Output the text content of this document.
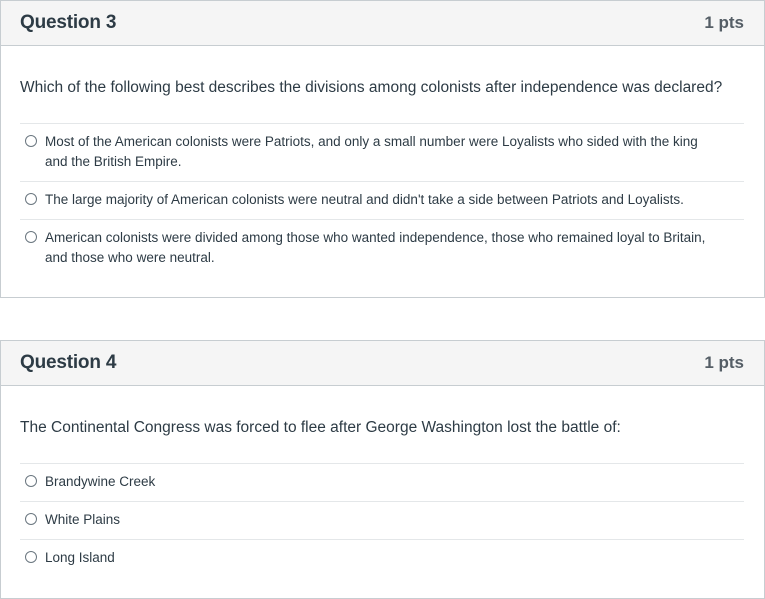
Question 3	1 pts
Which of the following best describes the divisions among colonists after independence was declared?
Most of the American colonists were Patriots, and only a small number were Loyalists who sided with the king
and the British Empire.
The large majority of American colonists were neutral and didn't take a side between Patriots and Loyalists.
American colonists were divided among those who wanted independence, those who remained loyal to Britain,
and those who were neutral.
Question 4	1 pts
The Continental Congress was forced to flee after George Washington lost the battle of:
Brandywine Creek
White Plains
Long Island
